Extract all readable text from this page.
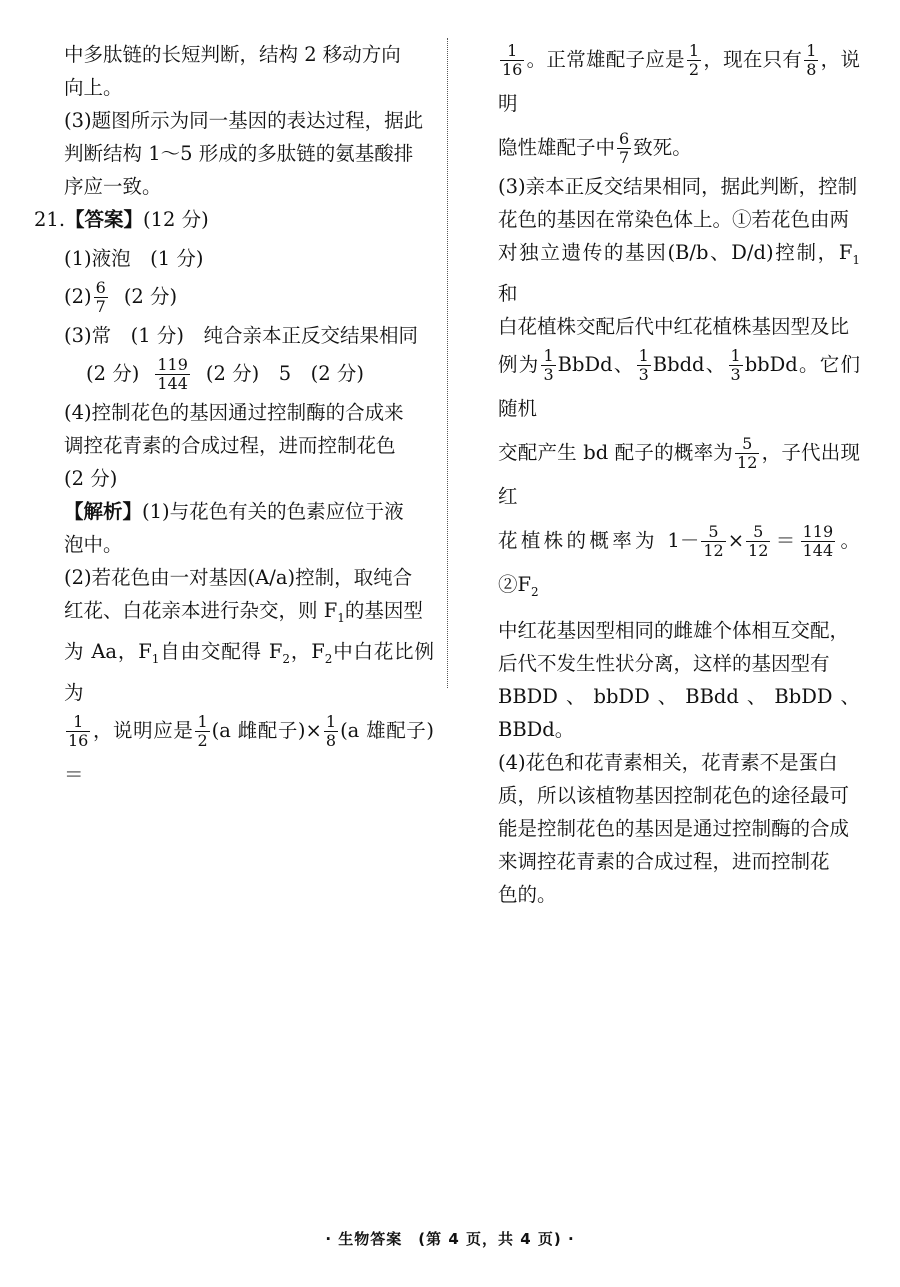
中多肽链的长短判断，结构 2 移动方向

向上。

(3)题图所示为同一基因的表达过程，据此

判断结构 1～5 形成的多肽链的氨基酸排

序应一致。

21.【答案】(12 分)

(1)液泡　(1 分)

$(2) \frac{6}{7} (2$ 分)

(3)常　(1 分)　纯合亲本正反交结果相同

(2 分) $\frac{119}{144} (2$ 分)　5　(2 分)

(4)控制花色的基因通过控制酶的合成来

调控花青素的合成过程，进而控制花色

(2 分)

【解析】(1)与花色有关的色素应位于液

泡中。

(2)若花色由一对基因(A/a)控制，取纯合

红花、白花亲本进行杂交，则 $F_1$的基因型

为 Aa，$F_1$自由交配得 $F_2$，$F_2$中白花比例为

$\frac{1}{16}$ ，说明应是 $\frac{1}{2} (a$ 雌配子)× $\frac{1}{8} (a$ 雄配子)＝

$\frac{1}{16}$ 。正常雄配子应是 $\frac{1}{2}$ ，现在只有 $\frac{1}{8}$ ，说明

隐性雄配子中 $\frac{6}{7}$ 致死。

(3)亲本正反交结果相同，据此判断，控制

花色的基因在常染色体上。①若花色由两

对独立遗传的基因(B/b、D/d)控制，$F_1$ 和

白花植株交配后代中红花植株基因型及比

例为 $\frac{1}{3}$ BbDd、 $\frac{1}{3}$ Bbdd、 $\frac{1}{3}$ bbDd。它们随机

交配产生 bd 配子的概率为 $\frac{5}{12}$ ，子代出现红

花植株的概率为 $1- \frac{5}{12} \times \frac{5}{12} = \frac{119}{144}$ 。$②F_2$

中红花基因型相同的雌雄个体相互交配，

后代不发生性状分离，这样的基因型有

BBDD、bbDD、BBdd、BbDD、BBDd。

(4)花色和花青素相关，花青素不是蛋白

质，所以该植物基因控制花色的途径最可

能是控制花色的基因是通过控制酶的合成

来调控花青素的合成过程，进而控制花

色的。

· 生物答案　(第 4 页，共 4 页) ·
